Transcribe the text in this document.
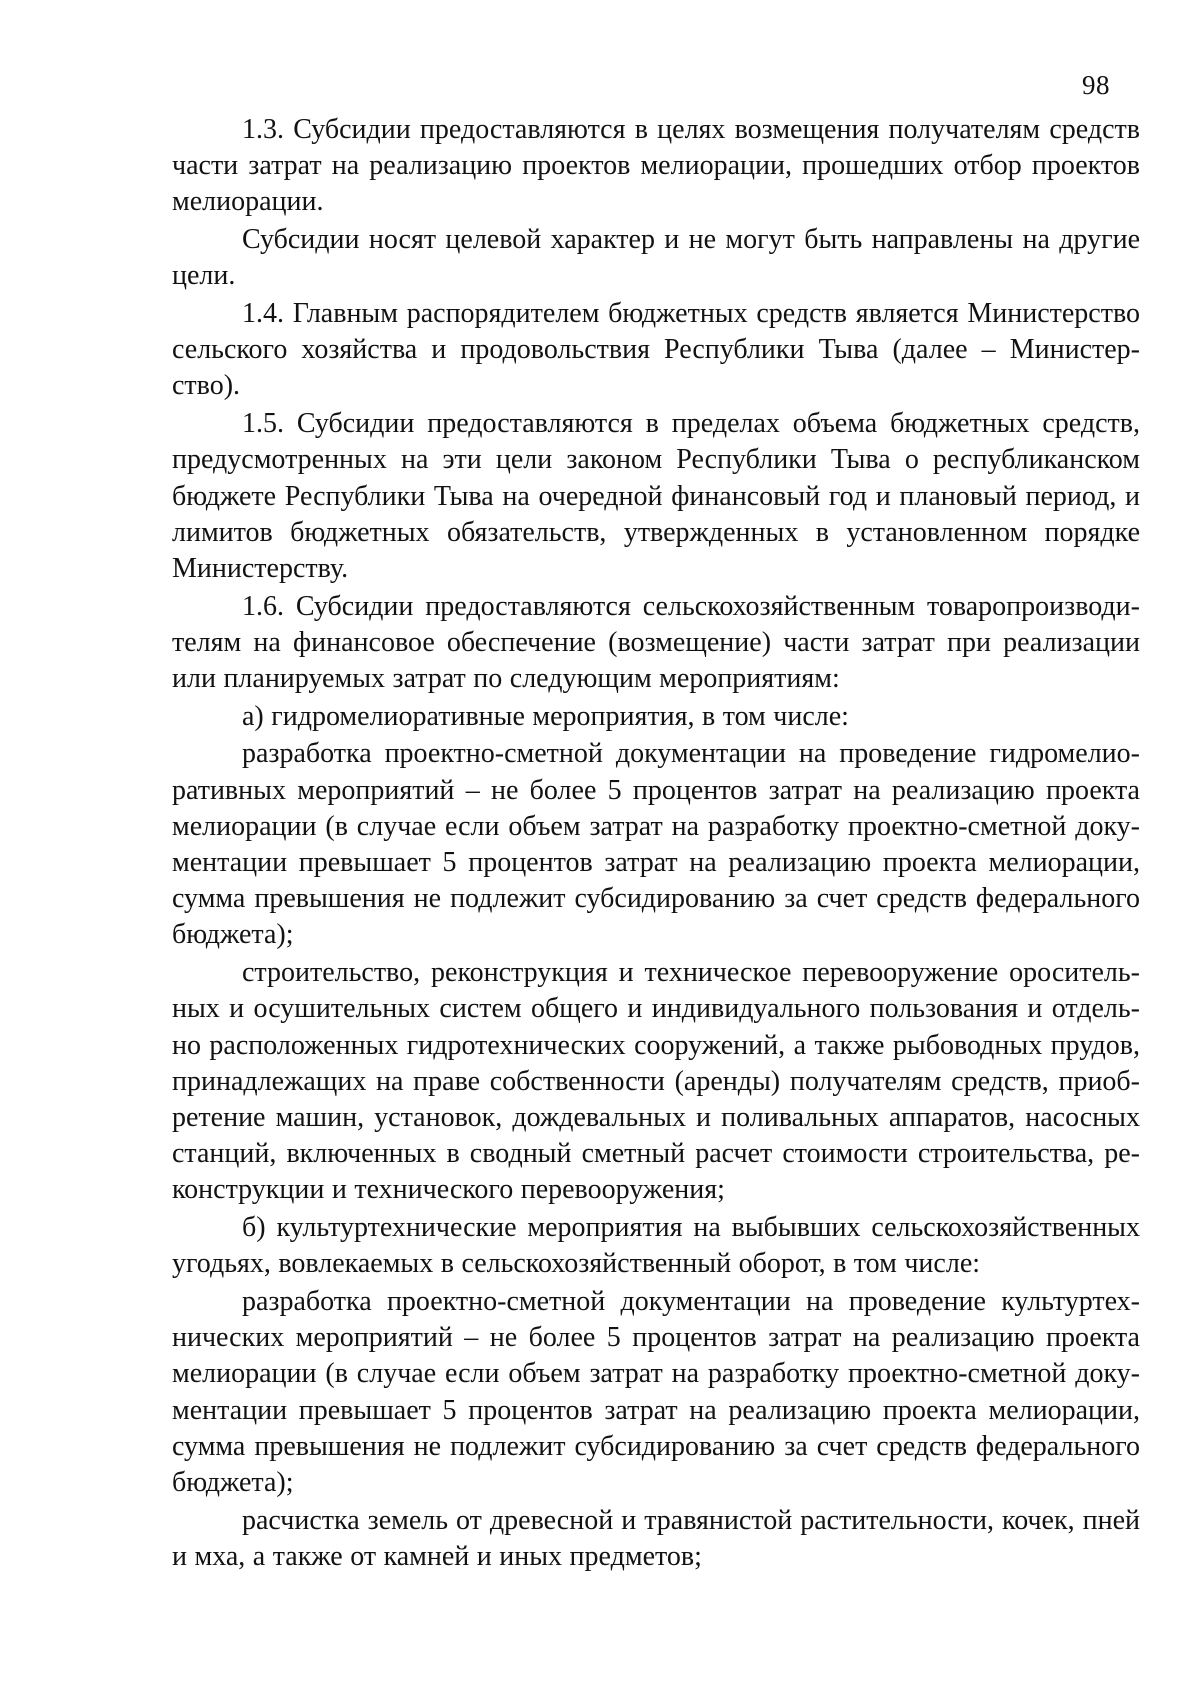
98

1.3. Субсидии предоставляются в целях возмещения получателям средств части затрат на реализацию проектов мелиорации, прошедших отбор проектов мелиорации.

Субсидии носят целевой характер и не могут быть направлены на другие цели.

1.4. Главным распорядителем бюджетных средств является Министерство сельского хозяйства и продовольствия Республики Тыва (далее – Министерство).

1.5. Субсидии предоставляются в пределах объема бюджетных средств, предусмотренных на эти цели законом Республики Тыва о республиканском бюджете Республики Тыва на очередной финансовый год и плановый период, и лимитов бюджетных обязательств, утвержденных в установленном порядке Министерству.

1.6. Субсидии предоставляются сельскохозяйственным товаропроизводителям на финансовое обеспечение (возмещение) части затрат при реализации или планируемых затрат по следующим мероприятиям:

а) гидромелиоративные мероприятия, в том числе:

разработка проектно-сметной документации на проведение гидромелиоративных мероприятий – не более 5 процентов затрат на реализацию проекта мелиорации (в случае если объем затрат на разработку проектно-сметной документации превышает 5 процентов затрат на реализацию проекта мелиорации, сумма превышения не подлежит субсидированию за счет средств федерального бюджета);

строительство, реконструкция и техническое перевооружение оросительных и осушительных систем общего и индивидуального пользования и отдельно расположенных гидротехнических сооружений, а также рыбоводных прудов, принадлежащих на праве собственности (аренды) получателям средств, приобретение машин, установок, дождевальных и поливальных аппаратов, насосных станций, включенных в сводный сметный расчет стоимости строительства, реконструкции и технического перевооружения;

б) культуртехнические мероприятия на выбывших сельскохозяйственных угодьях, вовлекаемых в сельскохозяйственный оборот, в том числе:

разработка проектно-сметной документации на проведение культуртехнических мероприятий – не более 5 процентов затрат на реализацию проекта мелиорации (в случае если объем затрат на разработку проектно-сметной документации превышает 5 процентов затрат на реализацию проекта мелиорации, сумма превышения не подлежит субсидированию за счет средств федерального бюджета);

расчистка земель от древесной и травянистой растительности, кочек, пней и мха, а также от камней и иных предметов;
